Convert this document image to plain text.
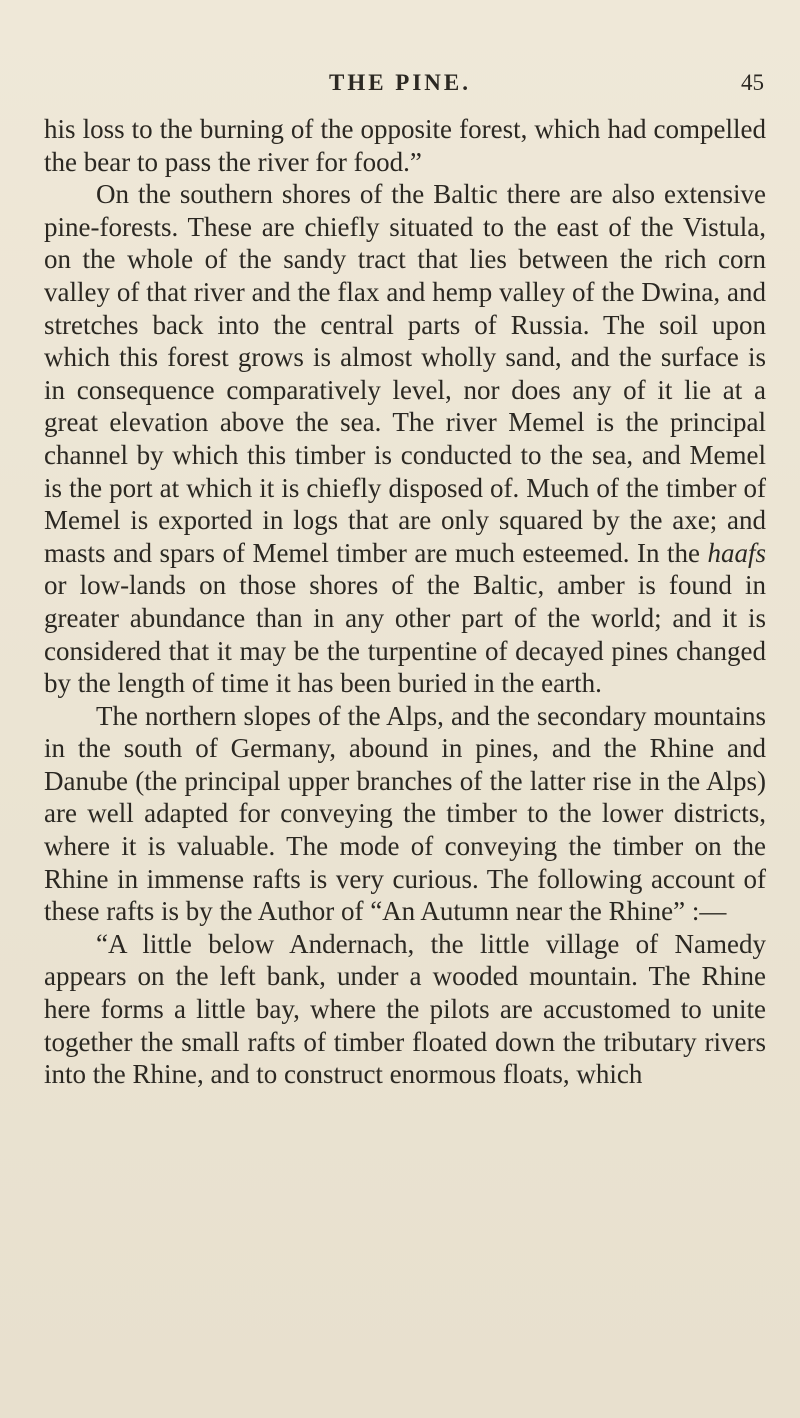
THE PINE.	45

his loss to the burning of the opposite forest, which had compelled the bear to pass the river for food.”

On the southern shores of the Baltic there are also extensive pine-forests. These are chiefly situated to the east of the Vistula, on the whole of the sandy tract that lies between the rich corn valley of that river and the flax and hemp valley of the Dwina, and stretches back into the central parts of Russia. The soil upon which this forest grows is almost wholly sand, and the surface is in consequence comparatively level, nor does any of it lie at a great elevation above the sea. The river Memel is the principal channel by which this timber is conducted to the sea, and Memel is the port at which it is chiefly disposed of. Much of the timber of Memel is exported in logs that are only squared by the axe; and masts and spars of Memel timber are much esteemed. In the haafs or low-lands on those shores of the Baltic, amber is found in greater abundance than in any other part of the world; and it is considered that it may be the turpentine of decayed pines changed by the length of time it has been buried in the earth.

The northern slopes of the Alps, and the secondary mountains in the south of Germany, abound in pines, and the Rhine and Danube (the principal upper branches of the latter rise in the Alps) are well adapted for conveying the timber to the lower districts, where it is valuable. The mode of conveying the timber on the Rhine in immense rafts is very curious. The following account of these rafts is by the Author of “An Autumn near the Rhine” :—

“A little below Andernach, the little village of Namedy appears on the left bank, under a wooded mountain. The Rhine here forms a little bay, where the pilots are accustomed to unite together the small rafts of timber floated down the tributary rivers into the Rhine, and to construct enormous floats, which
